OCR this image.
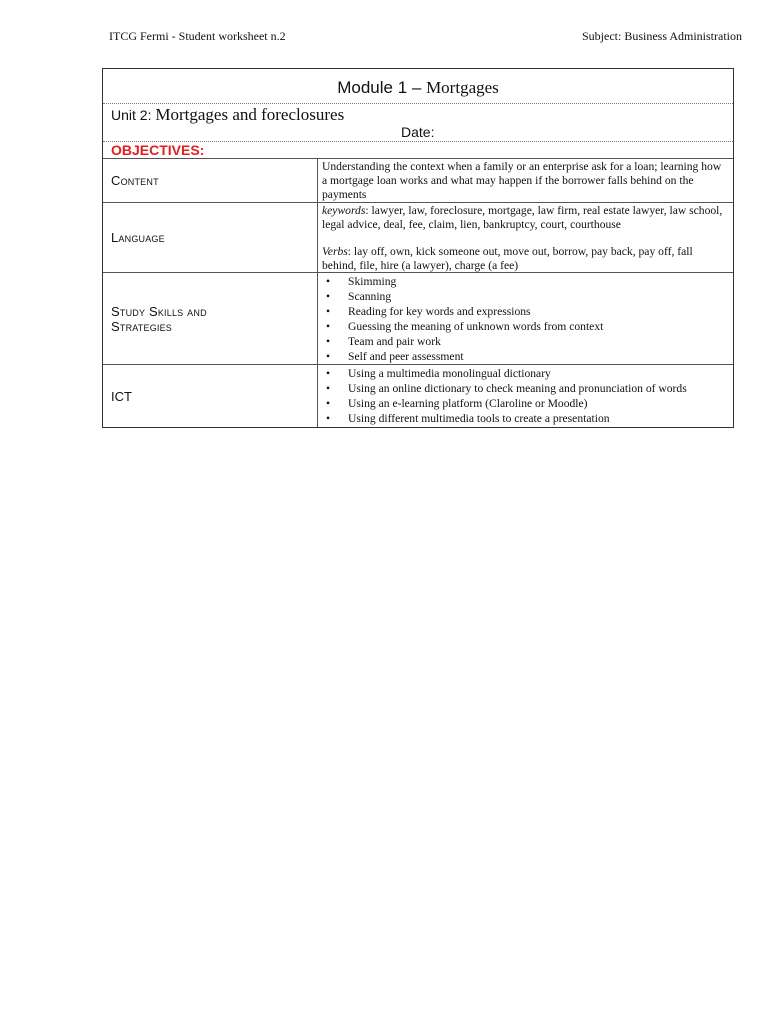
ITCG Fermi - Student worksheet n.2	Subject: Business Administration
Module 1 – Mortgages
Unit 2: Mortgages and foreclosures
Date:
OBJECTIVES:
Content
Understanding the context when a family or an enterprise ask for a loan; learning how a mortgage loan works and what may happen if the borrower falls behind on the payments
Language
keywords: lawyer, law, foreclosure, mortgage, law firm, real estate lawyer, law school, legal advice, deal, fee, claim, lien, bankruptcy, court, courthouse
Verbs: lay off, own, kick someone out, move out, borrow, pay back, pay off, fall behind, file, hire (a lawyer), charge (a fee)
Study Skills and
Strategies
• Skimming
• Scanning
• Reading for key words and expressions
• Guessing the meaning of unknown words from context
• Team and pair work
• Self and peer assessment
ICT
• Using a multimedia monolingual dictionary
• Using an online dictionary to check meaning and pronunciation of words
• Using an e-learning platform (Claroline or Moodle)
• Using different multimedia tools to create a presentation
